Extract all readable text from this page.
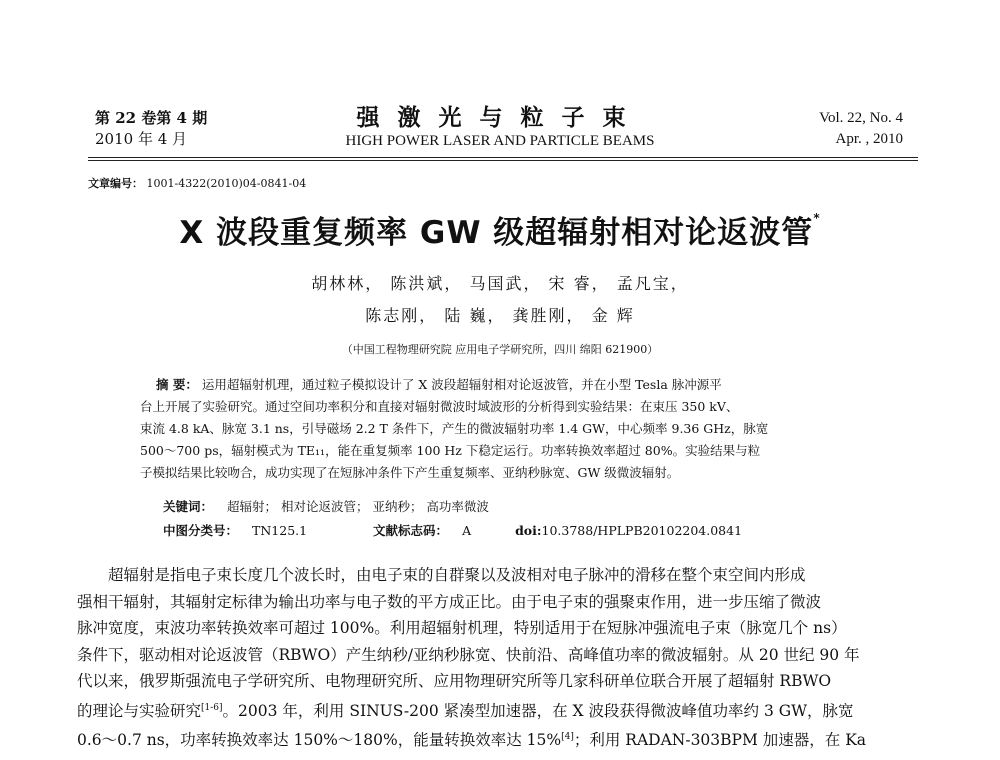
第 22 卷第 4 期
2010 年 4 月
强激光与粒子束
HIGH POWER LASER AND PARTICLE BEAMS
Vol. 22, No. 4
Apr. , 2010
文章编号： 1001-4322(2010)04-0841-04
X 波段重复频率 GW 级超辐射相对论返波管*
胡林林， 陈洪斌， 马国武， 宋 睿， 孟凡宝，
陈志刚， 陆 巍， 龚胜刚， 金 辉
（中国工程物理研究院 应用电子学研究所，四川 绵阳 621900）

摘 要： 运用超辐射机理，通过粒子模拟设计了 X 波段超辐射相对论返波管，并在小型 Tesla 脉冲源平

台上开展了实验研究。通过空间功率积分和直接对辐射微波时域波形的分析得到实验结果：在束压 350 kV、

束流 4.8 kA、脉宽 3.1 ns，引导磁场 2.2 T 条件下，产生的微波辐射功率 1.4 GW，中心频率 9.36 GHz，脉宽

500～700 ps，辐射模式为 TE₁₁，能在重复频率 100 Hz 下稳定运行。功率转换效率超过 80%。实验结果与粒

子模拟结果比较吻合，成功实现了在短脉冲条件下产生重复频率、亚纳秒脉宽、GW 级微波辐射。

关键词： 超辐射； 相对论返波管； 亚纳秒； 高功率微波
中图分类号： TN125.1	文献标志码： A	doi:10.3788/HPLPB20102204.0841

超辐射是指电子束长度几个波长时，由电子束的自群聚以及波相对电子脉冲的滑移在整个束空间内形成

强相干辐射，其辐射定标律为输出功率与电子数的平方成正比。由于电子束的强聚束作用，进一步压缩了微波

脉冲宽度，束波功率转换效率可超过 100%。利用超辐射机理，特别适用于在短脉冲强流电子束（脉宽几个 ns）

条件下，驱动相对论返波管（RBWO）产生纳秒/亚纳秒脉宽、快前沿、高峰值功率的微波辐射。从 20 世纪 90 年

代以来，俄罗斯强流电子学研究所、电物理研究所、应用物理研究所等几家科研单位联合开展了超辐射 RBWO

的理论与实验研究[1-6]。2003 年，利用 SINUS-200 紧凑型加速器，在 X 波段获得微波峰值功率约 3 GW，脉宽

0.6～0.7 ns，功率转换效率达 150%～180%，能量转换效率达 15%[4]；利用 RADAN-303BPM 加速器，在 Ka
